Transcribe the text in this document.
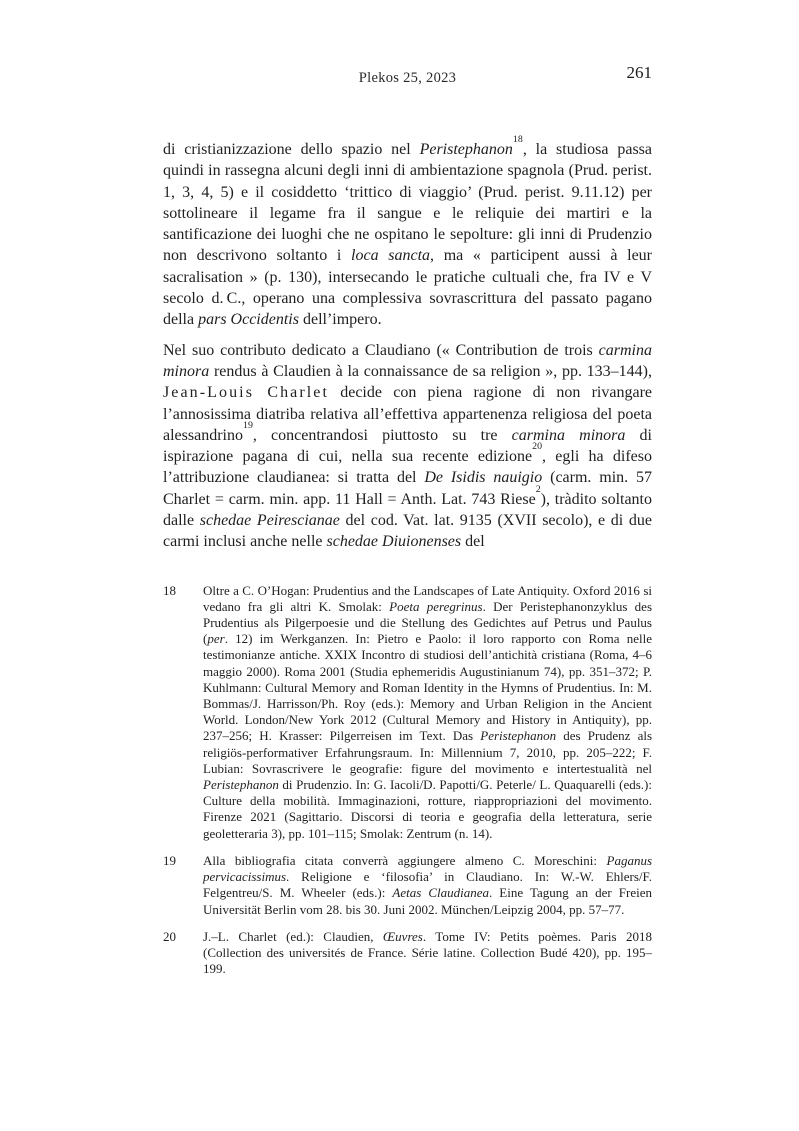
Plekos 25, 2023	261

di cristianizzazione dello spazio nel Peristephanon$^{18}$, la studiosa passa quindi in rassegna alcuni degli inni di ambientazione spagnola (Prud. perist. 1, 3, 4, 5) e il cosiddetto ‘trittico di viaggio’ (Prud. perist. 9.11.12) per sottolineare il legame fra il sangue e le reliquie dei martiri e la santificazione dei luoghi che ne ospitano le sepolture: gli inni di Prudenzio non descrivono soltanto i loca sancta, ma « participent aussi à leur sacralisation » (p. 130), intersecando le pratiche cultuali che, fra IV e V secolo d. C., operano una complessiva sovrascrittura del passato pagano della pars Occidentis dell’impero.

Nel suo contributo dedicato a Claudiano (« Contribution de trois carmina minora rendus à Claudien à la connaissance de sa religion », pp. 133–144), Jean-Louis Charlet decide con piena ragione di non rivangare l’annosissima diatriba relativa all’effettiva appartenenza religiosa del poeta alessandrino$^{19}$, concentrandosi piuttosto su tre carmina minora di ispirazione pagana di cui, nella sua recente edizione$^{20}$, egli ha difeso l’attribuzione claudianea: si tratta del De Isidis nauigio (carm. min. 57 Charlet = carm. min. app. 11 Hall = Anth. Lat. 743 Riese$^2$), tràdito soltanto dalle schedae Peirescianae del cod. Vat. lat. 9135 (XVII secolo), e di due carmi inclusi anche nelle schedae Diuionenses del

18	Oltre a C. O’Hogan: Prudentius and the Landscapes of Late Antiquity. Oxford 2016 si vedano fra gli altri K. Smolak: Poeta peregrinus. Der Peristephanonzyklus des Prudentius als Pilgerpoesie und die Stellung des Gedichtes auf Petrus und Paulus (per. 12) im Werkganzen. In: Pietro e Paolo: il loro rapporto con Roma nelle testimonianze antiche. XXIX Incontro di studiosi dell’antichità cristiana (Roma, 4–6 maggio 2000). Roma 2001 (Studia ephemeridis Augustinianum 74), pp. 351–372; P. Kuhlmann: Cultural Memory and Roman Identity in the Hymns of Prudentius. In: M. Bommas/J. Harrisson/Ph. Roy (eds.): Memory and Urban Religion in the Ancient World. London/New York 2012 (Cultural Memory and History in Antiquity), pp. 237–256; H. Krasser: Pilgerreisen im Text. Das Peristephanon des Prudenz als religiös-performativer Erfahrungsraum. In: Millennium 7, 2010, pp. 205–222; F. Lubian: Sovrascrivere le geografie: figure del movimento e intertestualità nel Peristephanon di Prudenzio. In: G. Iacoli/D. Papotti/G. Peterle/ L. Quaquarelli (eds.): Culture della mobilità. Immaginazioni, rotture, riappropriazioni del movimento. Firenze 2021 (Sagittario. Discorsi di teoria e geografia della letteratura, serie geoletteraria 3), pp. 101–115; Smolak: Zentrum (n. 14).
19	Alla bibliografia citata converrà aggiungere almeno C. Moreschini: Paganus pervicacissimus. Religione e ‘filosofia’ in Claudiano. In: W.-W. Ehlers/F. Felgentreu/S. M. Wheeler (eds.): Aetas Claudianea. Eine Tagung an der Freien Universität Berlin vom 28. bis 30. Juni 2002. München/Leipzig 2004, pp. 57–77.
20	J.–L. Charlet (ed.): Claudien, Œuvres. Tome IV: Petits poèmes. Paris 2018 (Collection des universités de France. Série latine. Collection Budé 420), pp. 195–199.
